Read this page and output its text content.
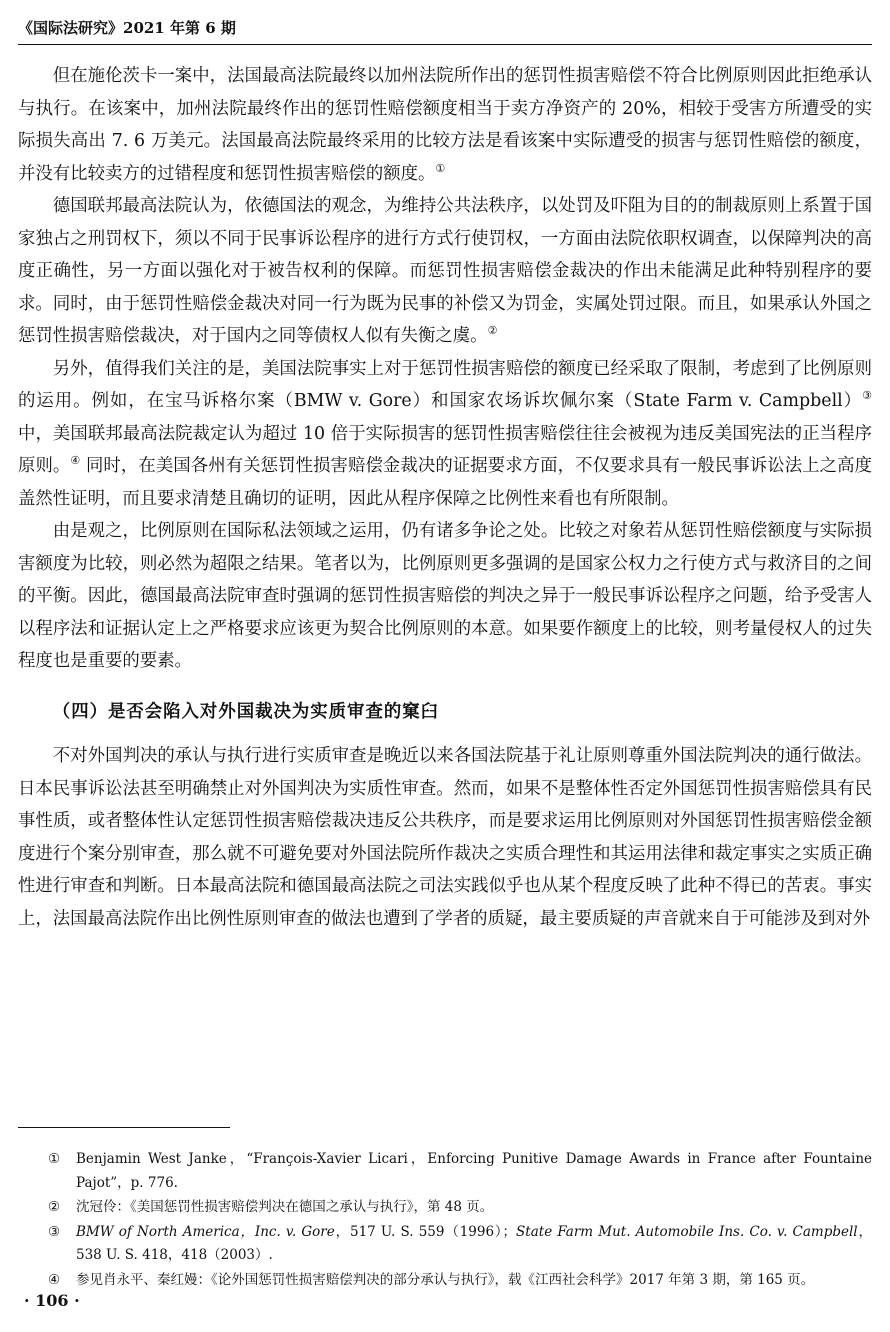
《国际法研究》2021 年第 6 期

但在施伦茨卡一案中，法国最高法院最终以加州法院所作出的惩罚性损害赔偿不符合比例原则因此拒绝承认与执行。在该案中，加州法院最终作出的惩罚性赔偿额度相当于卖方净资产的 20%，相较于受害方所遭受的实际损失高出 7. 6 万美元。法国最高法院最终采用的比较方法是看该案中实际遭受的损害与惩罚性赔偿的额度，并没有比较卖方的过错程度和惩罚性损害赔偿的额度。①

德国联邦最高法院认为，依德国法的观念，为维持公共法秩序，以处罚及吓阻为目的的制裁原则上系置于国家独占之刑罚权下，须以不同于民事诉讼程序的进行方式行使罚权，一方面由法院依职权调查，以保障判决的高度正确性，另一方面以强化对于被告权利的保障。而惩罚性损害赔偿金裁决的作出未能满足此种特别程序的要求。同时，由于惩罚性赔偿金裁决对同一行为既为民事的补偿又为罚金，实属处罚过限。而且，如果承认外国之惩罚性损害赔偿裁决，对于国内之同等债权人似有失衡之虞。②

另外，值得我们关注的是，美国法院事实上对于惩罚性损害赔偿的额度已经采取了限制，考虑到了比例原则的运用。例如，在宝马诉格尔案（BMW v. Gore）和国家农场诉坎佩尔案（State Farm v. Campbell）③ 中，美国联邦最高法院裁定认为超过 10 倍于实际损害的惩罚性损害赔偿往往会被视为违反美国宪法的正当程序原则。④ 同时，在美国各州有关惩罚性损害赔偿金裁决的证据要求方面，不仅要求具有一般民事诉讼法上之高度盖然性证明，而且要求清楚且确切的证明，因此从程序保障之比例性来看也有所限制。

由是观之，比例原则在国际私法领域之运用，仍有诸多争论之处。比较之对象若从惩罚性赔偿额度与实际损害额度为比较，则必然为超限之结果。笔者以为，比例原则更多强调的是国家公权力之行使方式与救济目的之间的平衡。因此，德国最高法院审查时强调的惩罚性损害赔偿的判决之异于一般民事诉讼程序之问题，给予受害人以程序法和证据认定上之严格要求应该更为契合比例原则的本意。如果要作额度上的比较，则考量侵权人的过失程度也是重要的要素。

（四）是否会陷入对外国裁决为实质审查的窠臼

不对外国判决的承认与执行进行实质审查是晚近以来各国法院基于礼让原则尊重外国法院判决的通行做法。日本民事诉讼法甚至明确禁止对外国判决为实质性审查。然而，如果不是整体性否定外国惩罚性损害赔偿具有民事性质，或者整体性认定惩罚性损害赔偿裁决违反公共秩序，而是要求运用比例原则对外国惩罚性损害赔偿金额度进行个案分别审查，那么就不可避免要对外国法院所作裁决之实质合理性和其运用法律和裁定事实之实质正确性进行审查和判断。日本最高法院和德国最高法院之司法实践似乎也从某个程度反映了此种不得已的苦衷。事实上，法国最高法院作出比例性原则审查的做法也遭到了学者的质疑，最主要质疑的声音就来自于可能涉及到对外

①	Benjamin West Janke，“François-Xavier Licari，Enforcing Punitive Damage Awards in France after Fountaine Pajot”，p. 776.
②	沈冠伶：《美国惩罚性损害赔偿判决在德国之承认与执行》，第 48 页。
③	BMW of North America，Inc. v. Gore，517 U. S. 559（1996）；State Farm Mut. Automobile Ins. Co. v. Campbell，538 U. S. 418，418（2003）.
④	参见肖永平、秦红嫚：《论外国惩罚性损害赔偿判决的部分承认与执行》，载《江西社会科学》2017 年第 3 期，第 165 页。
· 106 ·
